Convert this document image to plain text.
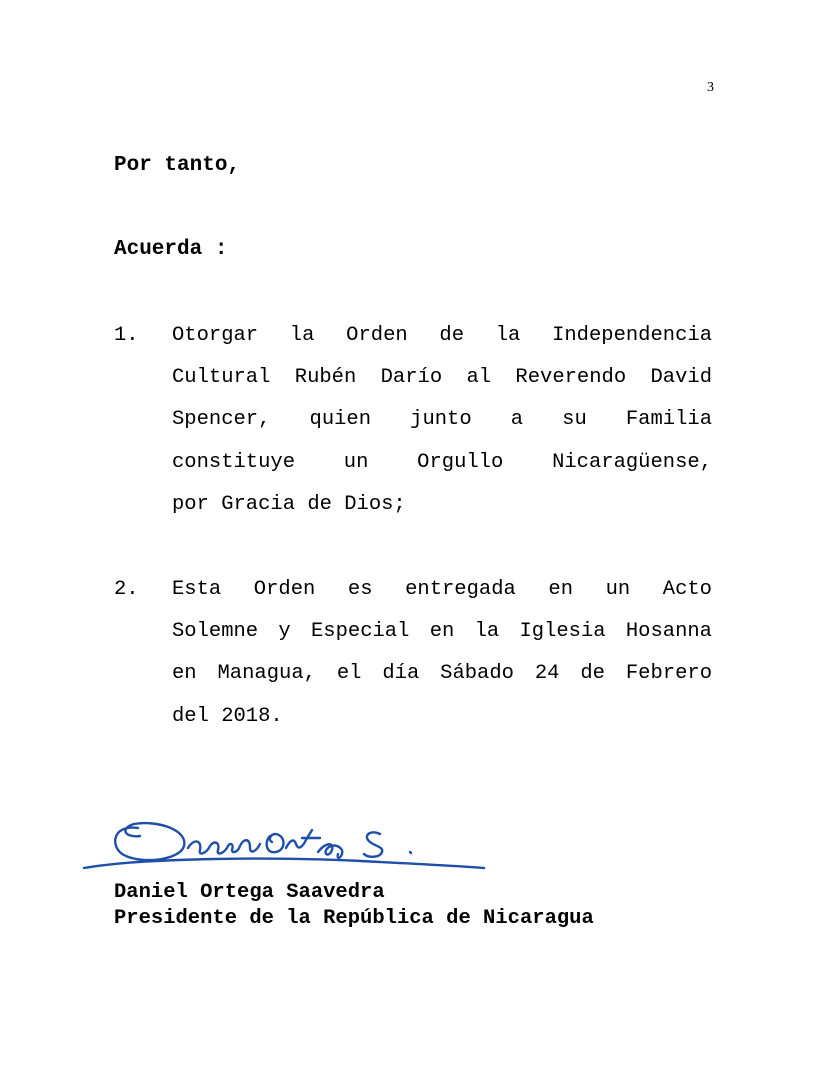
3
Por tanto,
Acuerda :
1. Otorgar la Orden de la Independencia
Cultural Rubén Darío al Reverendo David
Spencer, quien junto a su Familia
constituye un Orgullo Nicaragüense,
por Gracia de Dios;
2. Esta Orden es entregada en un Acto
Solemne y Especial en la Iglesia Hosanna
en Managua, el día Sábado 24 de Febrero
del 2018.
Daniel Ortega Saavedra
Presidente de la República de Nicaragua
